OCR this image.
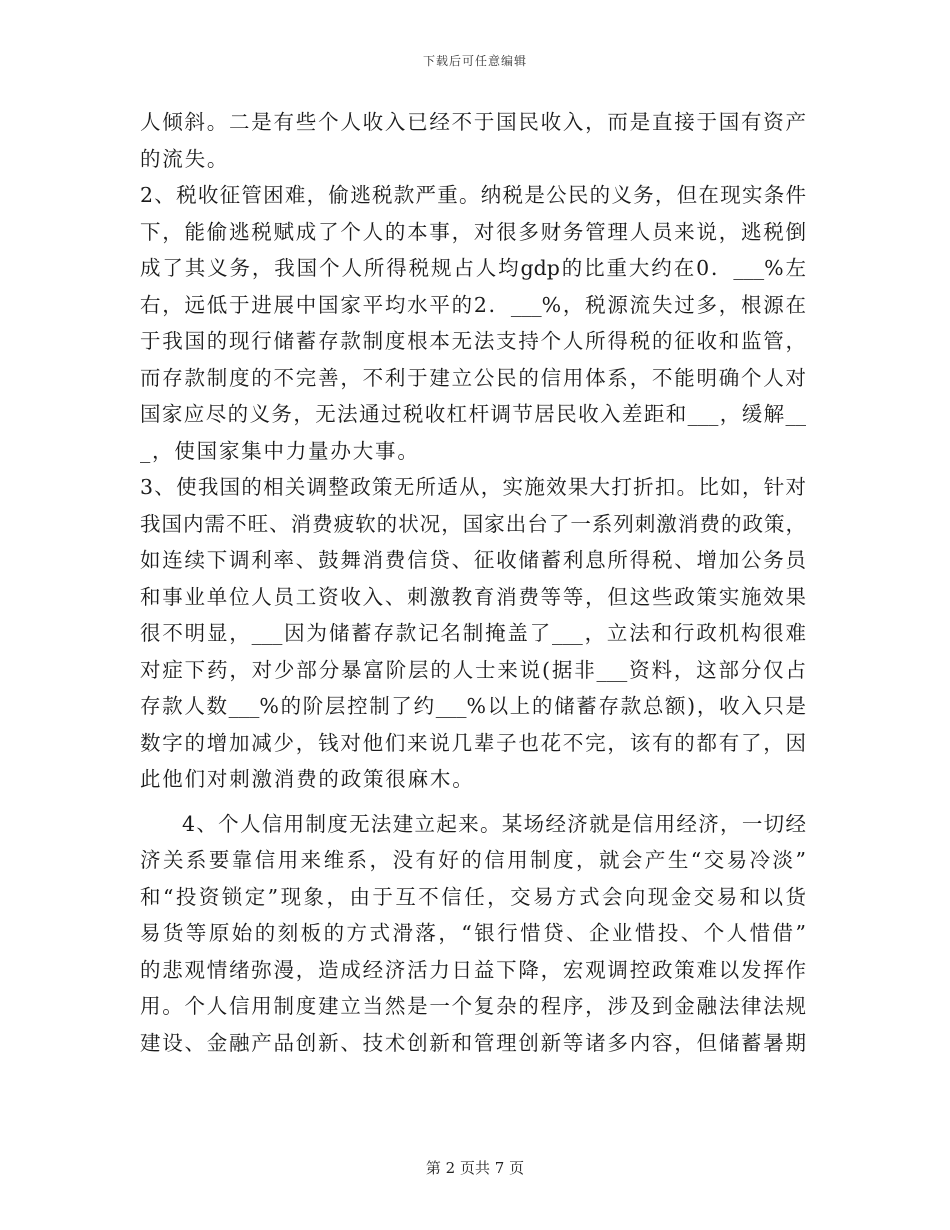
下载后可任意编辑
人倾斜。二是有些个人收入已经不于国民收入，而是直接于国有资产
的流失。
2、税收征管困难，偷逃税款严重。纳税是公民的义务，但在现实条件
下，能偷逃税赋成了个人的本事，对很多财务管理人员来说，逃税倒
成了其义务，我国个人所得税规占人均gdp的比重大约在0．___%左
右，远低于进展中国家平均水平的2．___%，税源流失过多，根源在
于我国的现行储蓄存款制度根本无法支持个人所得税的征收和监管，
而存款制度的不完善，不利于建立公民的信用体系，不能明确个人对
国家应尽的义务，无法通过税收杠杆调节居民收入差距和___，缓解__
_，使国家集中力量办大事。
3、使我国的相关调整政策无所适从，实施效果大打折扣。比如，针对
我国内需不旺、消费疲软的状况，国家出台了一系列刺激消费的政策，
如连续下调利率、鼓舞消费信贷、征收储蓄利息所得税、增加公务员
和事业单位人员工资收入、刺激教育消费等等，但这些政策实施效果
很不明显，___因为储蓄存款记名制掩盖了___，立法和行政机构很难
对症下药，对少部分暴富阶层的人士来说(据非___资料，这部分仅占
存款人数___%的阶层控制了约___%以上的储蓄存款总额)，收入只是
数字的增加减少，钱对他们来说几辈子也花不完，该有的都有了，因
此他们对刺激消费的政策很麻木。
4、个人信用制度无法建立起来。某场经济就是信用经济，一切经
济关系要靠信用来维系，没有好的信用制度，就会产生“交易冷淡”
和“投资锁定”现象，由于互不信任，交易方式会向现金交易和以货
易货等原始的刻板的方式滑落，“银行惜贷、企业惜投、个人惜借”
的悲观情绪弥漫，造成经济活力日益下降，宏观调控政策难以发挥作
用。个人信用制度建立当然是一个复杂的程序，涉及到金融法律法规
建设、金融产品创新、技术创新和管理创新等诸多内容，但储蓄暑期
第 2 页共 7 页
